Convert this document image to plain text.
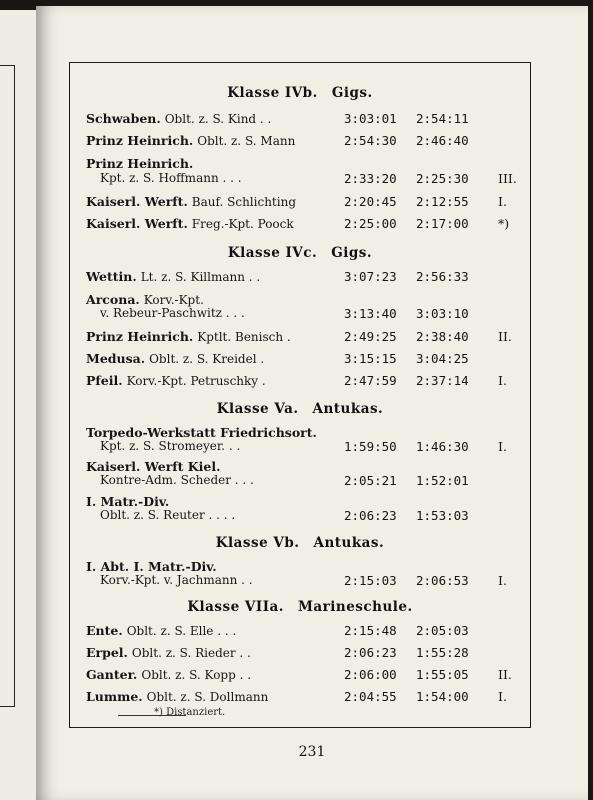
Klasse IVb. Gigs.
Schwaben. Oblt. z. S. Kind . .	3:03:01 2:54:11
Prinz Heinrich. Oblt. z. S. Mann	2:54:30 2:46:40
Prinz Heinrich.
Kpt. z. S. Hoffmann . . .	2:33:20 2:25:30 III.
Kaiserl. Werft. Bauf. Schlichting	2:20:45 2:12:55 I.
Kaiserl. Werft. Freg.-Kpt. Poock	2:25:00 2:17:00 *)
Klasse IVc. Gigs.
Wettin. Lt. z. S. Killmann . .	3:07:23 2:56:33
Arcona. Korv.-Kpt.
v. Rebeur-Paschwitz . . .	3:13:40 3:03:10
Prinz Heinrich. Kptlt. Benisch .	2:49:25 2:38:40 II.
Medusa. Oblt. z. S. Kreidel .	3:15:15 3:04:25
Pfeil. Korv.-Kpt. Petruschky .	2:47:59 2:37:14 I.
Klasse Va. Antukas.
Torpedo-Werkstatt Friedrichsort.
Kpt. z. S. Stromeyer. . .	1:59:50 1:46:30 I.
Kaiserl. Werft Kiel.
Kontre-Adm. Scheder . . .	2:05:21 1:52:01
I. Matr.-Div.
Oblt. z. S. Reuter . . . .	2:06:23 1:53:03
Klasse Vb. Antukas.
I. Abt. I. Matr.-Div.
Korv.-Kpt. v. Jachmann . .	2:15:03 2:06:53 I.
Klasse VIIa. Marineschule.
Ente. Oblt. z. S. Elle . . .	2:15:48 2:05:03
Erpel. Oblt. z. S. Rieder . .	2:06:23 1:55:28
Ganter. Oblt. z. S. Kopp . .	2:06:00 1:55:05 II.
Lumme. Oblt. z. S. Dollmann	2:04:55 1:54:00 I.
*) Distanziert.
231
